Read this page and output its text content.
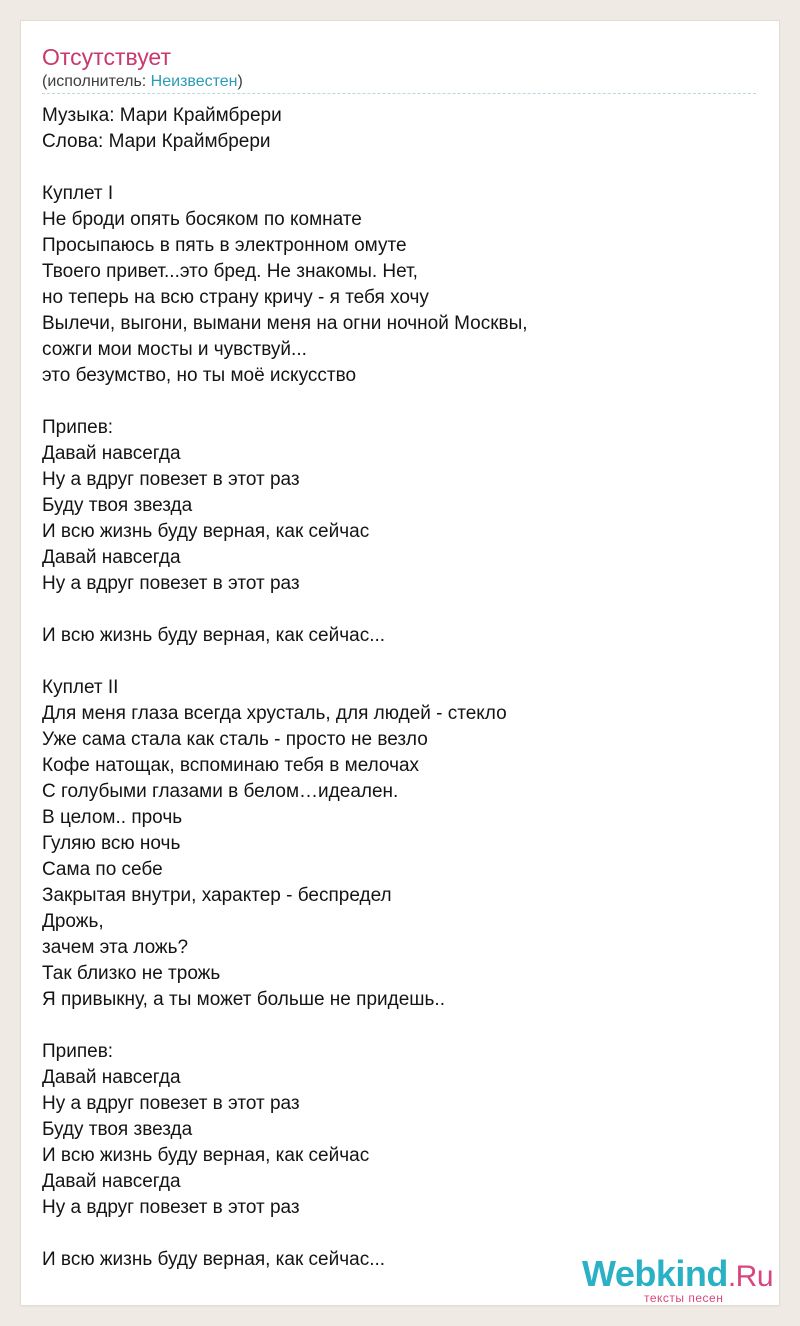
Отсутствует
(исполнитель: Неизвестен)
Музыка: Мари Краймбрери
Слова: Мари Краймбрери
Куплет I
Не броди опять босяком по комнате
Просыпаюсь в пять в электронном омуте
Твоего привет...это бред. Не знакомы. Нет,
но теперь на всю страну кричу - я тебя хочу
Вылечи, выгони, вымани меня на огни ночной Москвы,
сожги мои мосты и чувствуй...
это безумство, но ты моё искусство
Припев:
Давай навсегда
Ну а вдруг повезет в этот раз
Буду твоя звезда
И всю жизнь буду верная, как сейчас
Давай навсегда
Ну а вдруг повезет в этот раз
И всю жизнь буду верная, как сейчас...
Куплет II
Для меня глаза всегда хрусталь, для людей - стекло
Уже сама стала как сталь - просто не везло
Кофе натощак, вспоминаю тебя в мелочах
С голубыми глазами в белом…идеален.
В целом.. прочь
Гуляю всю ночь
Сама по себе
Закрытая внутри, характер - беспредел
Дрожь,
зачем эта ложь?
Так близко не трожь
Я привыкну, а ты может больше не придешь..
Припев:
Давай навсегда
Ну а вдруг повезет в этот раз
Буду твоя звезда
И всю жизнь буду верная, как сейчас
Давай навсегда
Ну а вдруг повезет в этот раз
И всю жизнь буду верная, как сейчас...	Webkind.Ru
тексты песен
